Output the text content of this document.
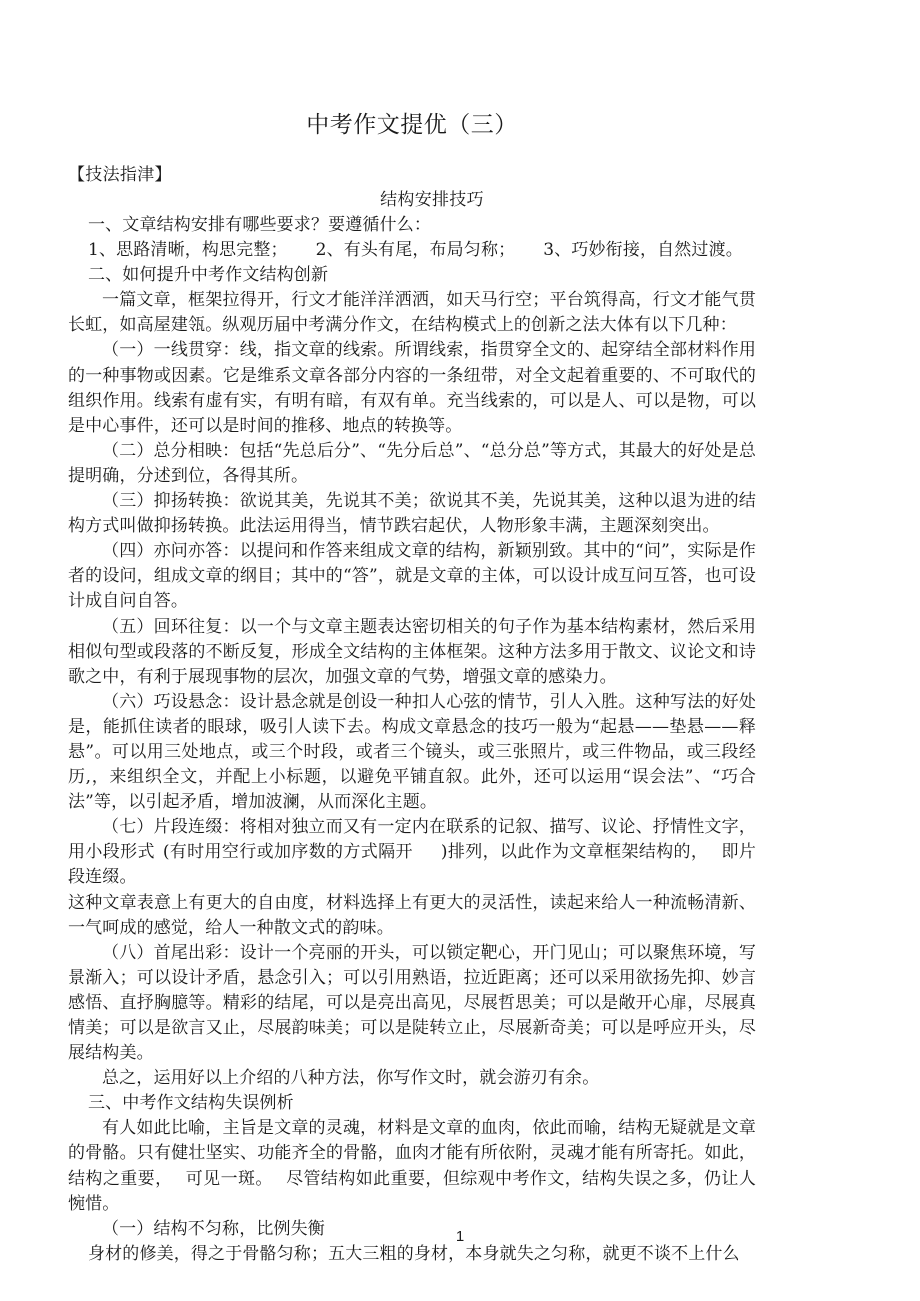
中考作文提优（三）

【技法指津】

结构安排技巧

一、文章结构安排有哪些要求？要遵循什么：

1、思路清晰，构思完整； 2、有头有尾，布局匀称； 3、巧妙衔接，自然过渡。

二、如何提升中考作文结构创新

一篇文章，框架拉得开，行文才能洋洋洒洒，如天马行空；平台筑得高，行文才能气贯长虹，如高屋建瓴。纵观历届中考满分作文，在结构模式上的创新之法大体有以下几种：

（一）一线贯穿：线，指文章的线索。所谓线索，指贯穿全文的、起穿结全部材料作用的一种事物或因素。它是维系文章各部分内容的一条纽带，对全文起着重要的、不可取代的组织作用。线索有虚有实，有明有暗，有双有单。充当线索的，可以是人、可以是物，可以是中心事件，还可以是时间的推移、地点的转换等。

（二）总分相映：包括“先总后分”、“先分后总”、“总分总”等方式，其最大的好处是总提明确，分述到位，各得其所。

（三）抑扬转换：欲说其美，先说其不美；欲说其不美，先说其美，这种以退为进的结构方式叫做抑扬转换。此法运用得当，情节跌宕起伏，人物形象丰满，主题深刻突出。

（四）亦问亦答：以提问和作答来组成文章的结构，新颖别致。其中的“问”，实际是作者的设问，组成文章的纲目；其中的“答”，就是文章的主体，可以设计成互问互答，也可设计成自问自答。

（五）回环往复：以一个与文章主题表达密切相关的句子作为基本结构素材，然后采用相似句型或段落的不断反复，形成全文结构的主体框架。这种方法多用于散文、议论文和诗歌之中，有利于展现事物的层次，加强文章的气势，增强文章的感染力。

（六）巧设悬念：设计悬念就是创设一种扣人心弦的情节，引人入胜。这种写法的好处是，能抓住读者的眼球，吸引人读下去。构成文章悬念的技巧一般为“起悬——垫悬——释悬”。可以用三处地点，或三个时段，或者三个镜头，或三张照片，或三件物品，或三段经历,，来组织全文，并配上小标题，以避免平铺直叙。此外，还可以运用“误会法”、“巧合法”等，以引起矛盾，增加波澜，从而深化主题。

（七）片段连缀：将相对独立而又有一定内在联系的记叙、描写、议论、抒情性文字，用小段形式 (有时用空行或加序数的方式隔开 )排列，以此作为文章框架结构的， 即片段连缀。

这种文章表意上有更大的自由度，材料选择上有更大的灵活性，读起来给人一种流畅清新、一气呵成的感觉，给人一种散文式的韵味。

（八）首尾出彩：设计一个亮丽的开头，可以锁定靶心，开门见山；可以聚焦环境，写景渐入；可以设计矛盾，悬念引入；可以引用熟语，拉近距离；还可以采用欲扬先抑、妙言感悟、直抒胸臆等。精彩的结尾，可以是亮出高见，尽展哲思美；可以是敞开心扉，尽展真情美；可以是欲言又止，尽展韵味美；可以是陡转立止，尽展新奇美；可以是呼应开头，尽展结构美。

总之，运用好以上介绍的八种方法，你写作文时，就会游刃有余。

三、中考作文结构失误例析

有人如此比喻，主旨是文章的灵魂，材料是文章的血肉，依此而喻，结构无疑就是文章的骨骼。只有健壮坚实、功能齐全的骨骼，血肉才能有所依附，灵魂才能有所寄托。如此，结构之重要， 可见一斑。 尽管结构如此重要，但综观中考作文，结构失误之多，仍让人惋惜。

（一）结构不匀称，比例失衡

身材的修美，得之于骨骼匀称；五大三粗的身材，本身就失之匀称，就更不谈不上什么

1
